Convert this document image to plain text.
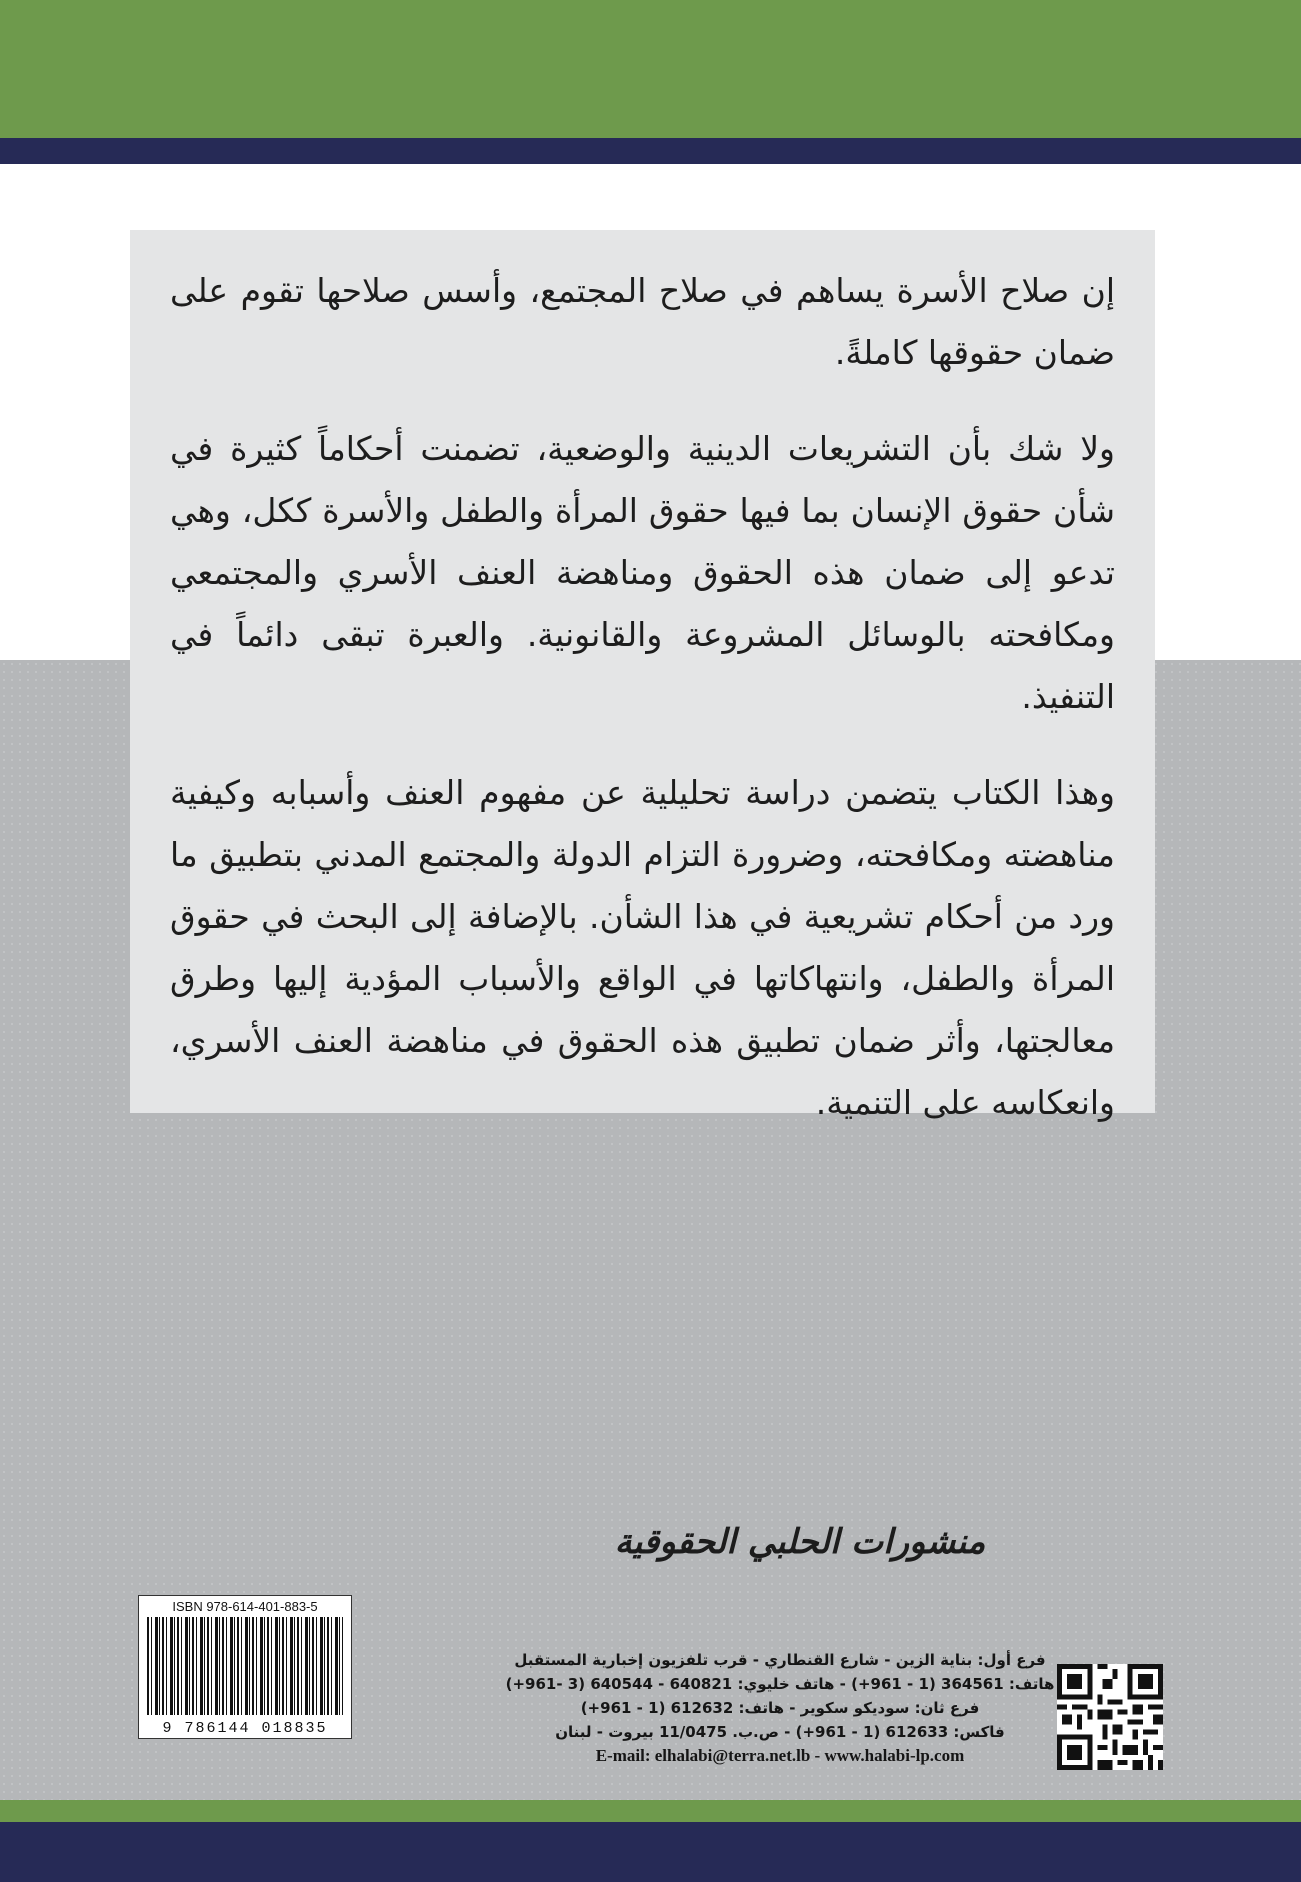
إن صلاح الأسرة يساهم في صلاح المجتمع، وأسس صلاحها تقوم على ضمان حقوقها كاملةً.

ولا شك بأن التشريعات الدينية والوضعية، تضمنت أحكاماً كثيرة في شأن حقوق الإنسان بما فيها حقوق المرأة والطفل والأسرة ككل، وهي تدعو إلى ضمان هذه الحقوق ومناهضة العنف الأسري والمجتمعي ومكافحته بالوسائل المشروعة والقانونية. والعبرة تبقى دائماً في التنفيذ.

وهذا الكتاب يتضمن دراسة تحليلية عن مفهوم العنف وأسبابه وكيفية مناهضته ومكافحته، وضرورة التزام الدولة والمجتمع المدني بتطبيق ما ورد من أحكام تشريعية في هذا الشأن. بالإضافة إلى البحث في حقوق المرأة والطفل، وانتهاكاتها في الواقع والأسباب المؤدية إليها وطرق معالجتها، وأثر ضمان تطبيق هذه الحقوق في مناهضة العنف الأسري، وانعكاسه على التنمية.

منشورات الحلبي الحقوقية
فرع أول: بناية الزين - شارع القنطاري - قرب تلفزيون إخبارية المستقبل
هاتف: 364561 (1 - 961+) - هاتف خليوي: 640821 - 640544 (3 -961+)
فرع ثان: سوديكو سكوير - هاتف: 612632 (1 - 961+)
فاكس: 612633 (1 - 961+) - ص.ب. 11/0475 بيروت - لبنان
E-mail: elhalabi@terra.net.lb - www.halabi-lp.com
ISBN 978-614-401-883-5
9 786144 018835
